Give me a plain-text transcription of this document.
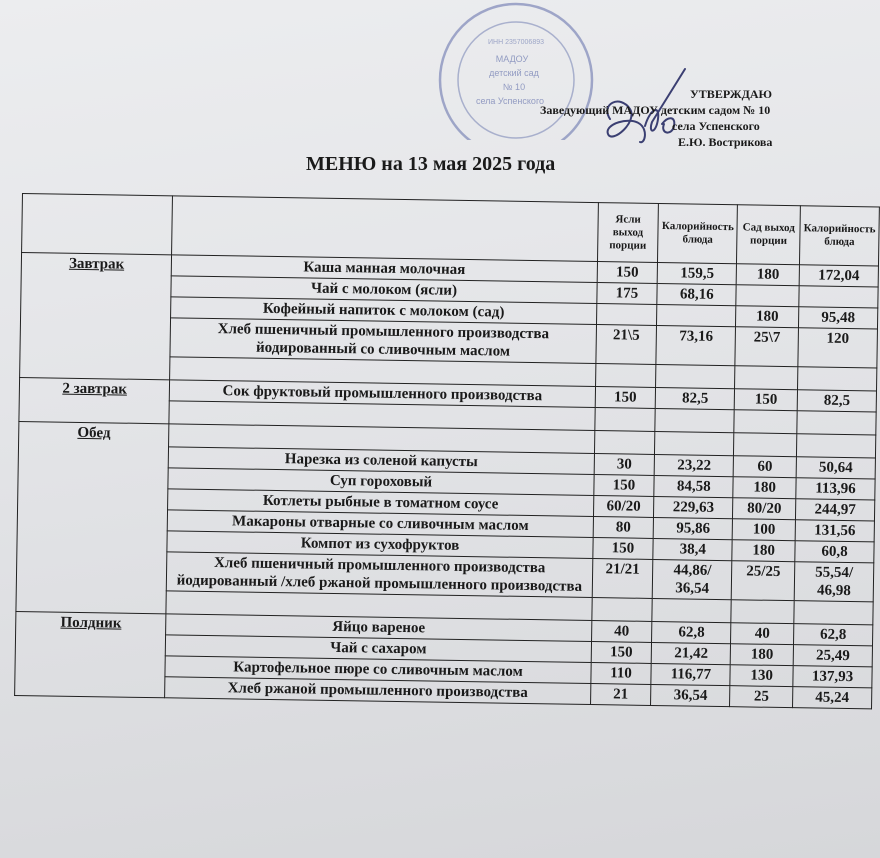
МАДОУ
детский сад
№ 10
села Успенского
ИНН 2357006893
УТВЕРЖДАЮ
Заведующий МАДОУ детским садом № 10
села Успенского
Е.Ю. Вострикова
МЕНЮ на 13 мая 2025 года
		Ясли выход порции	Калорийность блюда	Сад выход порции	Калорийность блюда
Завтрак	Каша манная молочная	150	159,5	180	172,04
	Чай с молоком (ясли)	175	68,16		
	Кофейный напиток с молоком (сад)			180	95,48
	Хлеб пшеничный промышленного производства йодированный со сливочным маслом	21\5	73,16	25\7	120

2 завтрак	Сок фруктовый промышленного производства	150	82,5	150	82,5

Обед					
	Нарезка из соленой капусты	30	23,22	60	50,64
	Суп гороховый	150	84,58	180	113,96
	Котлеты рыбные в томатном соусе	60/20	229,63	80/20	244,97
	Макароны отварные со сливочным маслом	80	95,86	100	131,56
	Компот из сухофруктов	150	38,4	180	60,8
	Хлеб пшеничный промышленного производства йодированный /хлеб ржаной промышленного производства	21/21	44,86/ 36,54	25/25	55,54/ 46,98

Полдник	Яйцо вареное	40	62,8	40	62,8
	Чай с сахаром	150	21,42	180	25,49
	Картофельное пюре со сливочным маслом	110	116,77	130	137,93
	Хлеб ржаной промышленного производства	21	36,54	25	45,24
